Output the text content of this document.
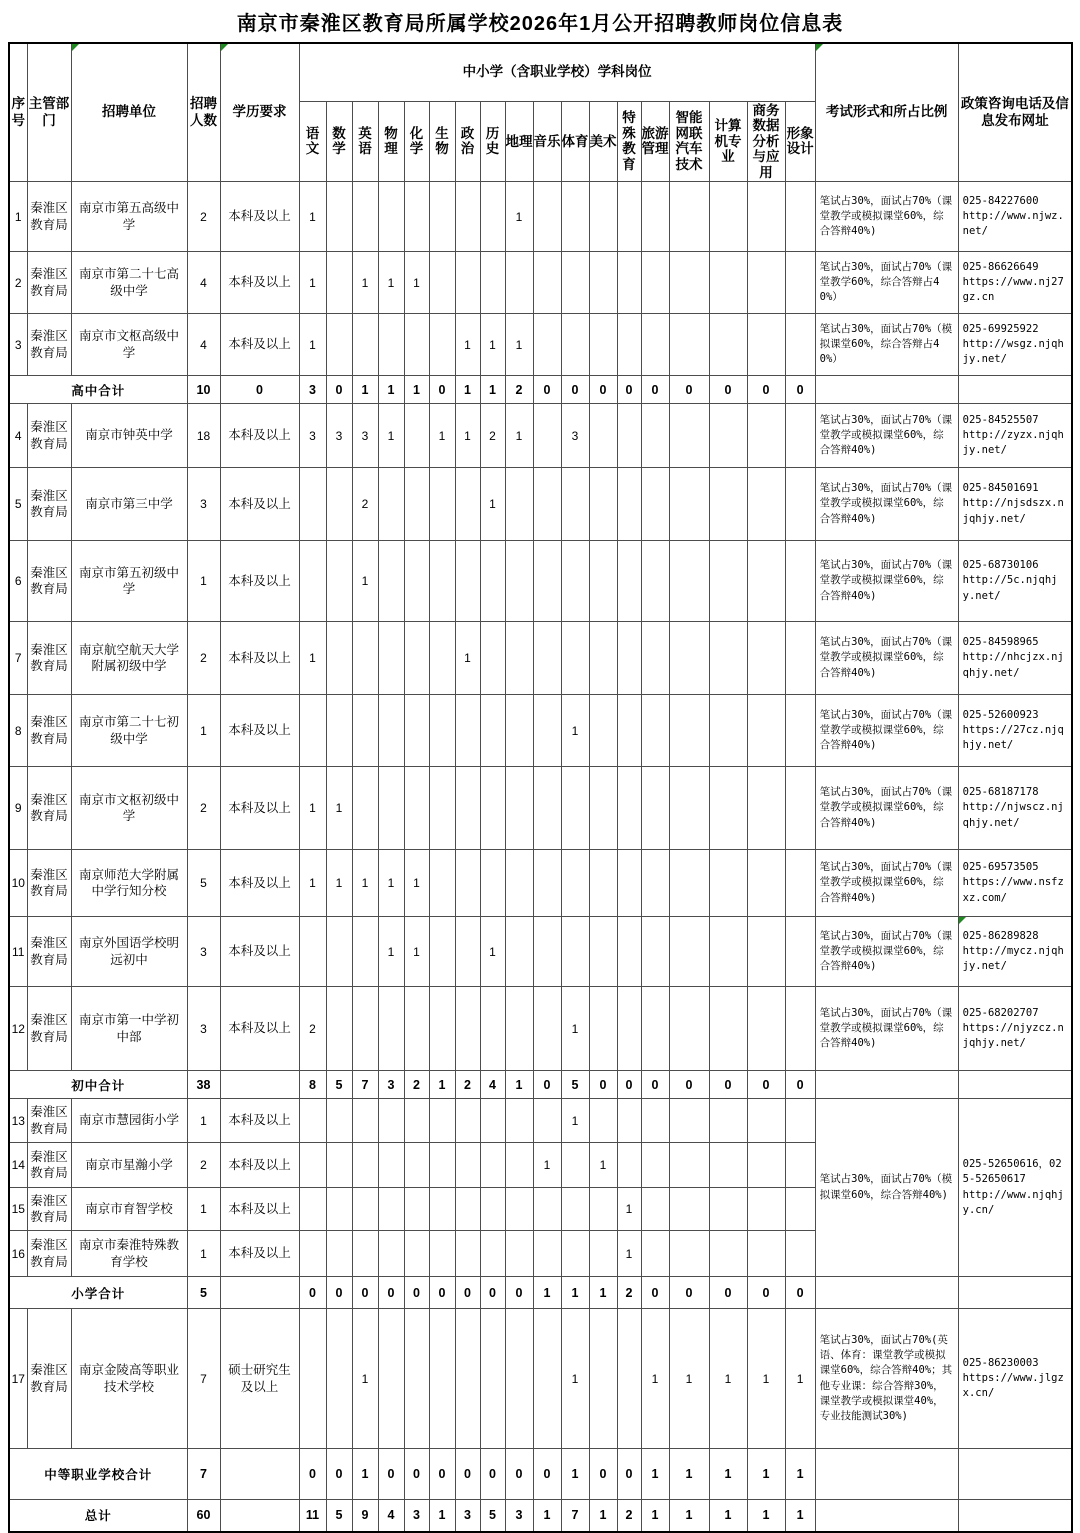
南京市秦淮区教育局所属学校2026年1月公开招聘教师岗位信息表
序号	主管部门	招聘单位	招聘人数	学历要求	中小学（含职业学校）学科岗位																		考试形式和所占比例	政策咨询电话及信息发布网址
					语文	数学	英语	物理	化学	生物	政治	历史	地理	音乐	体育	美术	特殊教育	旅游管理	智能网联汽车技术	计算机专业	商务数据分析与应用	形象设计		
1	秦淮区教育局	南京市第五高级中学	2	本科及以上	1								1										笔试占30%，面试占70%（课堂教学或模拟课堂60%，综合答辩40%)	025-84227600
http://www.njwz.net/

2	秦淮区教育局	南京市第二十七高级中学	4	本科及以上	1		1	1	1														笔试占30%，面试占70%（课堂教学60%，综合答辩占40%）	025-86626649
https://www.nj27gz.cn

3	秦淮区教育局	南京市文枢高级中学	4	本科及以上	1						1	1	1										笔试占30%，面试占70%（模拟课堂60%，综合答辩占40%）	025-69925922
http://wsgz.njqhjy.net/

高中合计			10	0	3	0	1	1	1	0	1	1	2	0	0	0	0	0	0	0	0	0		
4	秦淮区教育局	南京市钟英中学	18	本科及以上	3	3	3	1		1	1	2	1		3								笔试占30%，面试占70%（课堂教学或模拟课堂60%，综合答辩40%)	025-84525507
http://zyzx.njqhjy.net/

5	秦淮区教育局	南京市第三中学	3	本科及以上			2					1											笔试占30%，面试占70%（课堂教学或模拟课堂60%，综合答辩40%)	025-84501691
http://njsdszx.njqhjy.net/

6	秦淮区教育局	南京市第五初级中学	1	本科及以上			1																笔试占30%，面试占70%（课堂教学或模拟课堂60%，综合答辩40%)	025-68730106
http://5c.njqhjy.net/

7	秦淮区教育局	南京航空航天大学附属初级中学	2	本科及以上	1						1												笔试占30%，面试占70%（课堂教学或模拟课堂60%，综合答辩40%)	025-84598965
http://nhcjzx.njqhjy.net/

8	秦淮区教育局	南京市第二十七初级中学	1	本科及以上											1								笔试占30%，面试占70%（课堂教学或模拟课堂60%，综合答辩40%)	025-52600923
https://27cz.njqhjy.net/

9	秦淮区教育局	南京市文枢初级中学	2	本科及以上	1	1																	笔试占30%，面试占70%（课堂教学或模拟课堂60%，综合答辩40%)	025-68187178
http://njwscz.njqhjy.net/

10	秦淮区教育局	南京师范大学附属中学行知分校	5	本科及以上	1	1	1	1	1														笔试占30%，面试占70%（课堂教学或模拟课堂60%，综合答辩40%)	025-69573505
https://www.nsfzxz.com/

11	秦淮区教育局	南京外国语学校明远初中	3	本科及以上				1	1			1											笔试占30%，面试占70%（课堂教学或模拟课堂60%，综合答辩40%)	025-86289828
http://mycz.njqhjy.net/

12	秦淮区教育局	南京市第一中学初中部	3	本科及以上	2										1								笔试占30%，面试占70%（课堂教学或模拟课堂60%，综合答辩40%)	025-68202707
https://njyzcz.njqhjy.net/

初中合计			38		8	5	7	3	2	1	2	4	1	0	5	0	0	0	0	0	0	0		
13	秦淮区教育局	南京市慧园街小学	1	本科及以上											1								笔试占30%，面试占70%（模拟课堂60%，综合答辩40%)	025-52650616，025-52650617
http://www.njqhjy.cn/

14	秦淮区教育局	南京市星瀚小学	2	本科及以上										1		1								
15	秦淮区教育局	南京市育智学校	1	本科及以上													1							
16	秦淮区教育局	南京市秦淮特殊教育学校	1	本科及以上													1							
小学合计			5		0	0	0	0	0	0	0	0	0	1	1	1	2	0	0	0	0	0		
17	秦淮区教育局	南京金陵高等职业技术学校	7	硕士研究生及以上			1								1			1	1	1	1	1	笔试占30%，面试占70%(英语、体育：课堂教学或模拟课堂60%，综合答辩40%；其他专业课：综合答辩30%，课堂教学或模拟课堂40%，专业技能测试30%)	025-86230003
https://www.jlgzx.cn/

中等职业学校合计			7		0	0	1	0	0	0	0	0	0	0	1	0	0	1	1	1	1	1		
总计			60		11	5	9	4	3	1	3	5	3	1	7	1	2	1	1	1	1	1		
